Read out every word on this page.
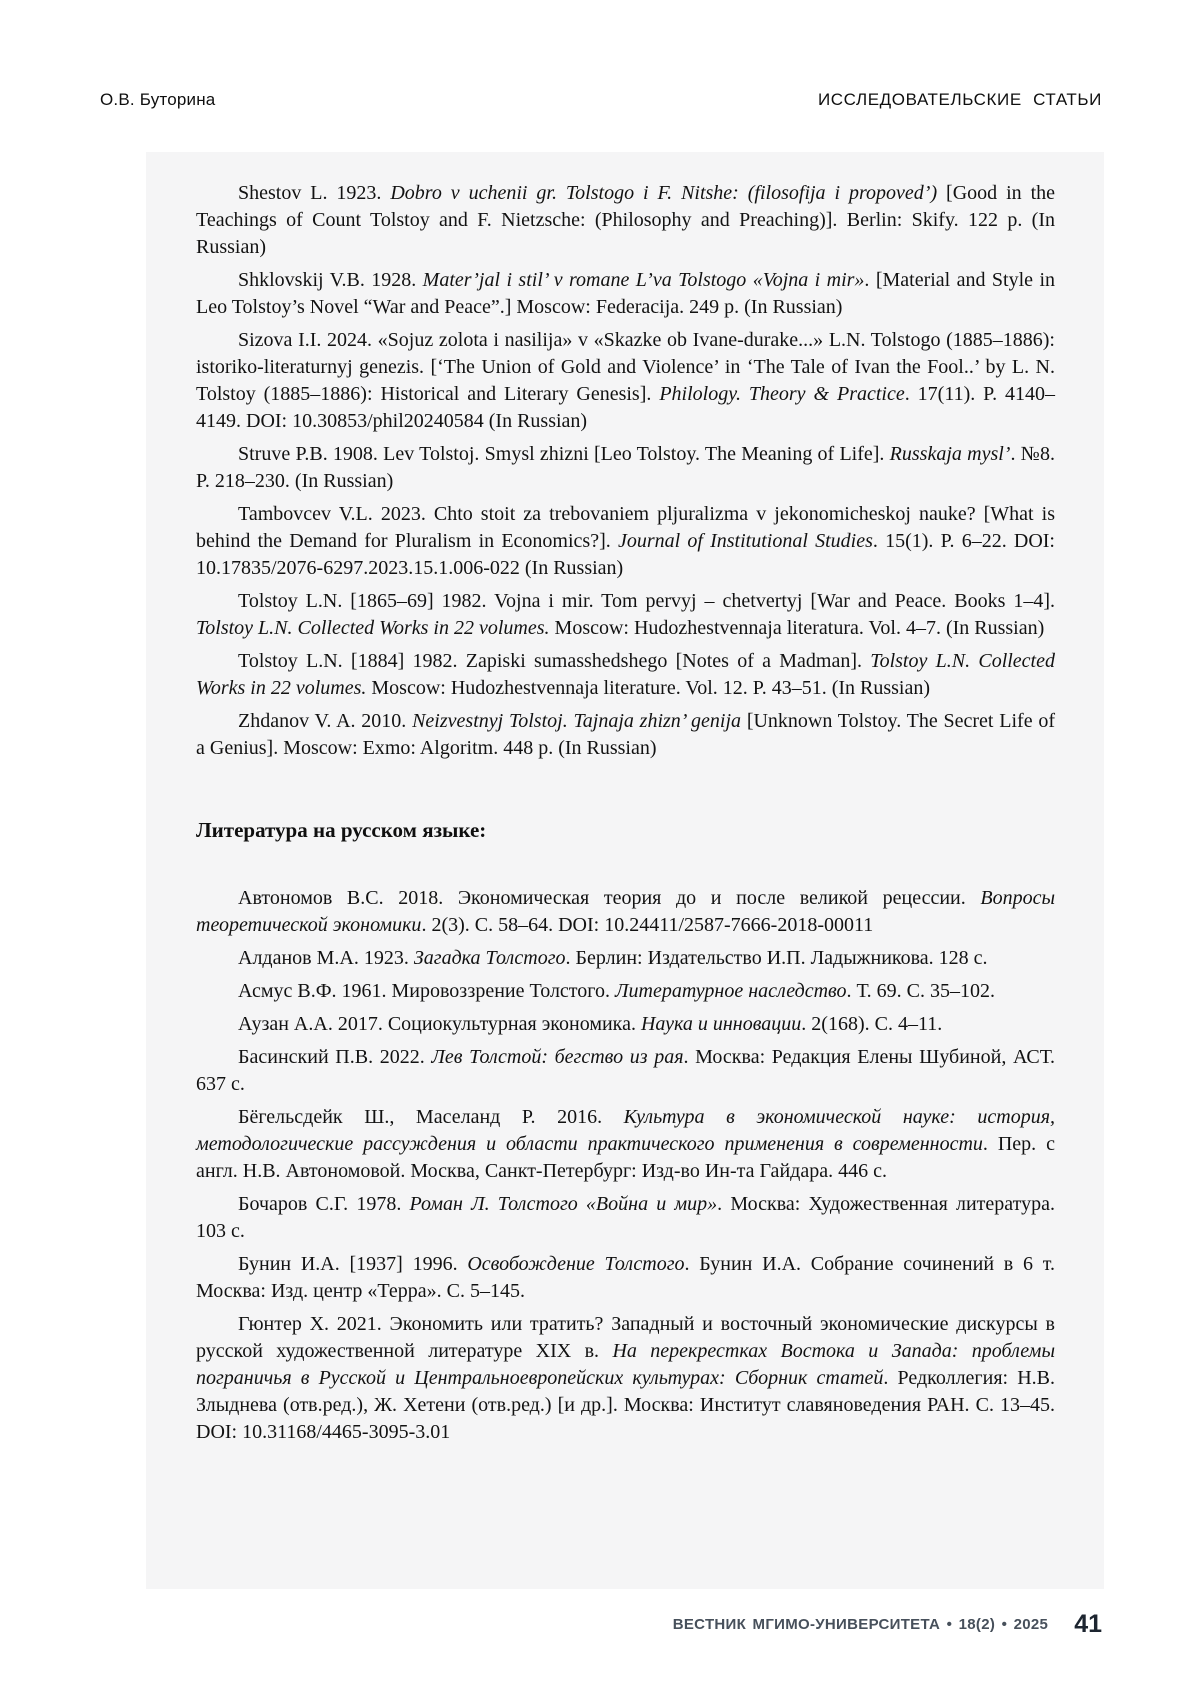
О.В. Буторина	ИССЛЕДОВАТЕЛЬСКИЕ СТАТЬИ

Shestov L. 1923. Dobro v uchenii gr. Tolstogo i F. Nitshe: (filosofija i propoved’) [Good in the Teachings of Count Tolstoy and F. Nietzsche: (Philosophy and Preaching)]. Berlin: Skify. 122 p. (In Russian)

Shklovskij V.B. 1928. Mater’jal i stil’ v romane L’va Tolstogo «Vojna i mir». [Material and Style in Leo Tolstoy’s Novel “War and Peace”.] Moscow: Federacija. 249 p. (In Russian)

Sizova I.I. 2024. «Sojuz zolota i nasilija» v «Skazke ob Ivane-durake...» L.N. Tolstogo (1885–1886): istoriko-literaturnyj genezis. [‘The Union of Gold and Violence’ in ‘The Tale of Ivan the Fool..’ by L. N. Tolstoy (1885–1886): Historical and Literary Genesis]. Philology. Theory & Practice. 17(11). P. 4140–4149. DOI: 10.30853/phil20240584 (In Russian)

Struve P.B. 1908. Lev Tolstoj. Smysl zhizni [Leo Tolstoy. The Meaning of Life]. Russkaja mysl’. №8. P. 218–230. (In Russian)

Tambovcev V.L. 2023. Chto stoit za trebovaniem pljuralizma v jekonomicheskoj nauke? [What is behind the Demand for Pluralism in Economics?]. Journal of Institutional Studies. 15(1). P. 6–22. DOI: 10.17835/2076-6297.2023.15.1.006-022 (In Russian)

Tolstoy L.N. [1865–69] 1982. Vojna i mir. Tom pervyj – chetvertyj [War and Peace. Books 1–4]. Tolstoy L.N. Collected Works in 22 volumes. Moscow: Hudozhestvennaja literatura. Vol. 4–7. (In Russian)

Tolstoy L.N. [1884] 1982. Zapiski sumasshedshego [Notes of a Madman]. Tolstoy L.N. Collected Works in 22 volumes. Moscow: Hudozhestvennaja literature. Vol. 12. P. 43–51. (In Russian)

Zhdanov V. A. 2010. Neizvestnyj Tolstoj. Tajnaja zhizn’ genija [Unknown Tolstoy. The Secret Life of a Genius]. Moscow: Exmo: Algoritm. 448 p. (In Russian)

Литература на русском языке:

Автономов В.С. 2018. Экономическая теория до и после великой рецессии. Вопросы теоретической экономики. 2(3). С. 58–64. DOI: 10.24411/2587-7666-2018-00011

Алданов М.А. 1923. Загадка Толстого. Берлин: Издательство И.П. Ладыжникова. 128 с.

Асмус В.Ф. 1961. Мировоззрение Толстого. Литературное наследство. Т. 69. С. 35–102.

Аузан А.А. 2017. Социокультурная экономика. Наука и инновации. 2(168). С. 4–11.

Басинский П.В. 2022. Лев Толстой: бегство из рая. Москва: Редакция Елены Шубиной, АСТ. 637 с.

Бёгельсдейк Ш., Маселанд Р. 2016. Культура в экономической науке: история, методологические рассуждения и области практического применения в современности. Пер. с англ. Н.В. Автономовой. Москва, Санкт-Петербург: Изд-во Ин-та Гайдара. 446 с.

Бочаров С.Г. 1978. Роман Л. Толстого «Война и мир». Москва: Художественная литература. 103 с.

Бунин И.А. [1937] 1996. Освобождение Толстого. Бунин И.А. Собрание сочинений в 6 т. Москва: Изд. центр «Терра». С. 5–145.

Гюнтер Х. 2021. Экономить или тратить? Западный и восточный экономические дискурсы в русской художественной литературе XIX в. На перекрестках Востока и Запада: проблемы пограничья в Русской и Центральноевропейских культурах: Сборник статей. Редколлегия: Н.В. Злыднева (отв.ред.), Ж. Хетени (отв.ред.) [и др.]. Москва: Институт славяноведения РАН. С. 13–45. DOI: 10.31168/4465-3095-3.01

ВЕСТНИК МГИМО-УНИВЕРСИТЕТА • 18(2) • 2025 41
